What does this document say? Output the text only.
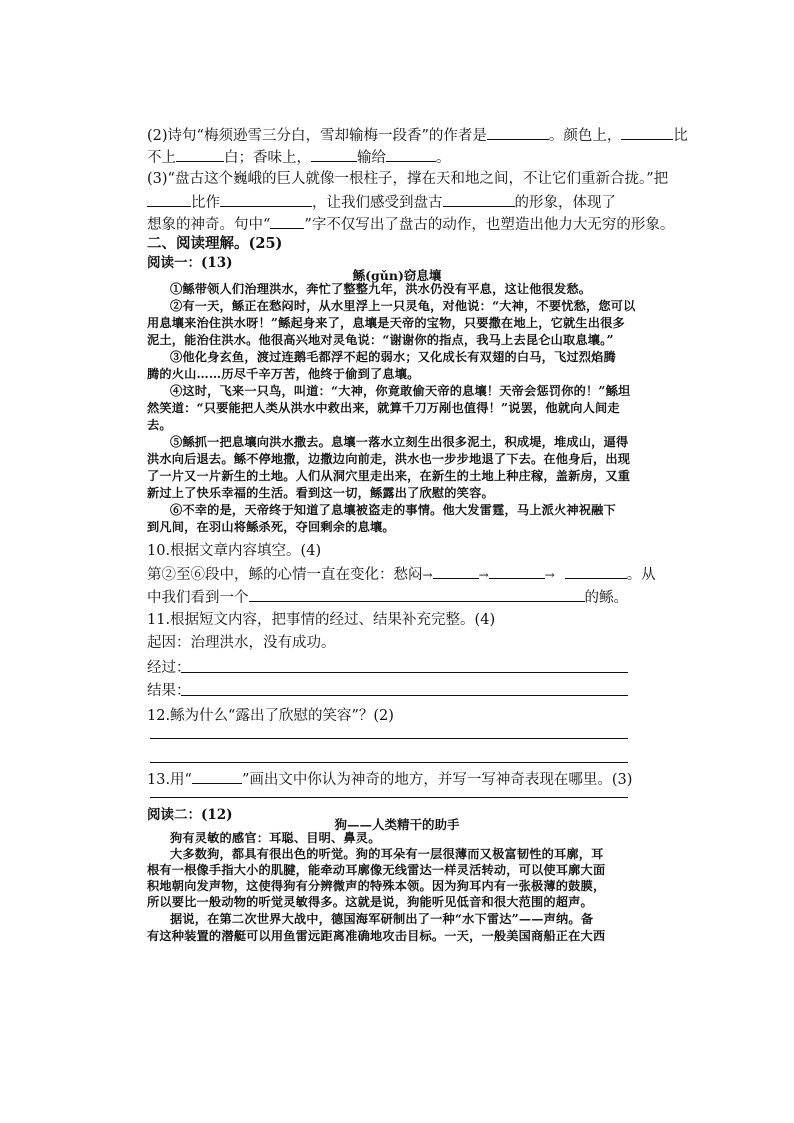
(2)诗句“梅须逊雪三分白，雪却输梅一段香”的作者是	。颜色上，	比
不上	白；香味上，	输给	。
(3)“盘古这个巍峨的巨人就像一根柱子，撑在天和地之间，不让它们重新合拢。”把
比作	，让我们感受到盘古	的形象，体现了
想象的神奇。句中“ ”字不仅写出了盘古的动作，也塑造出他力大无穷的形象。
二、阅读理解。(25)
阅读一：(13)
鲧(gǔn)窃息壤
①鲧带领人们治理洪水，奔忙了整整九年，洪水仍没有平息，这让他很发愁。
②有一天，鲧正在愁闷时，从水里浮上一只灵龟，对他说：“大神，不要忧愁，您可以
用息壤来治住洪水呀！”鲧起身来了，息壤是天帝的宝物，只要撒在地上，它就生出很多
泥土，能治住洪水。他很高兴地对灵龟说：“谢谢你的指点，我马上去昆仑山取息壤。”
③他化身玄鱼，渡过连鹅毛都浮不起的弱水；又化成长有双翅的白马，飞过烈焰腾
腾的火山……历尽千辛万苦，他终于偷到了息壤。
④这时，飞来一只鸟，叫道：“大神，你竟敢偷天帝的息壤！天帝会惩罚你的！”鲧坦
然笑道：“只要能把人类从洪水中救出来，就算千刀万剐也值得！”说罢，他就向人间走
去。
⑤鲧抓一把息壤向洪水撒去。息壤一落水立刻生出很多泥土，积成堤，堆成山，逼得
洪水向后退去。鲧不停地撒，边撒边向前走，洪水也一步步地退了下去。在他身后，出现
了一片又一片新生的土地。人们从洞穴里走出来，在新生的土地上种庄稼，盖新房，又重
新过上了快乐幸福的生活。看到这一切，鲧露出了欣慰的笑容。
⑥不幸的是，天帝终于知道了息壤被盗走的事情。他大发雷霆，马上派火神祝融下
到凡间，在羽山将鲧杀死，夺回剩余的息壤。
10.根据文章内容填空。(4)
第②至⑥段中，鲧的心情一直在变化：愁闷→	→	→	。从
中我们看到一个	的鲧。
11.根据短文内容，把事情的经过、结果补充完整。(4)
起因：治理洪水，没有成功。
经过：
结果：
12.鲧为什么“露出了欣慰的笑容”？(2)
13.用“	”画出文中你认为神奇的地方，并写一写神奇表现在哪里。(3)
阅读二：(12)
狗——人类精干的助手
狗有灵敏的感官：耳聪、目明、鼻灵。
大多数狗，都具有很出色的听觉。狗的耳朵有一层很薄而又极富韧性的耳廓，耳
根有一根像手指大小的肌腱，能牵动耳廓像无线雷达一样灵活转动，可以使耳廓大面
积地朝向发声物，这使得狗有分辨微声的特殊本领。因为狗耳内有一张极薄的鼓膜，
所以要比一般动物的听觉灵敏得多。这就是说，狗能听见低音和很大范围的超声。
据说，在第二次世界大战中，德国海军研制出了一种“水下雷达”——声纳。备
有这种装置的潜艇可以用鱼雷远距离准确地攻击目标。一天，一般美国商船正在大西
